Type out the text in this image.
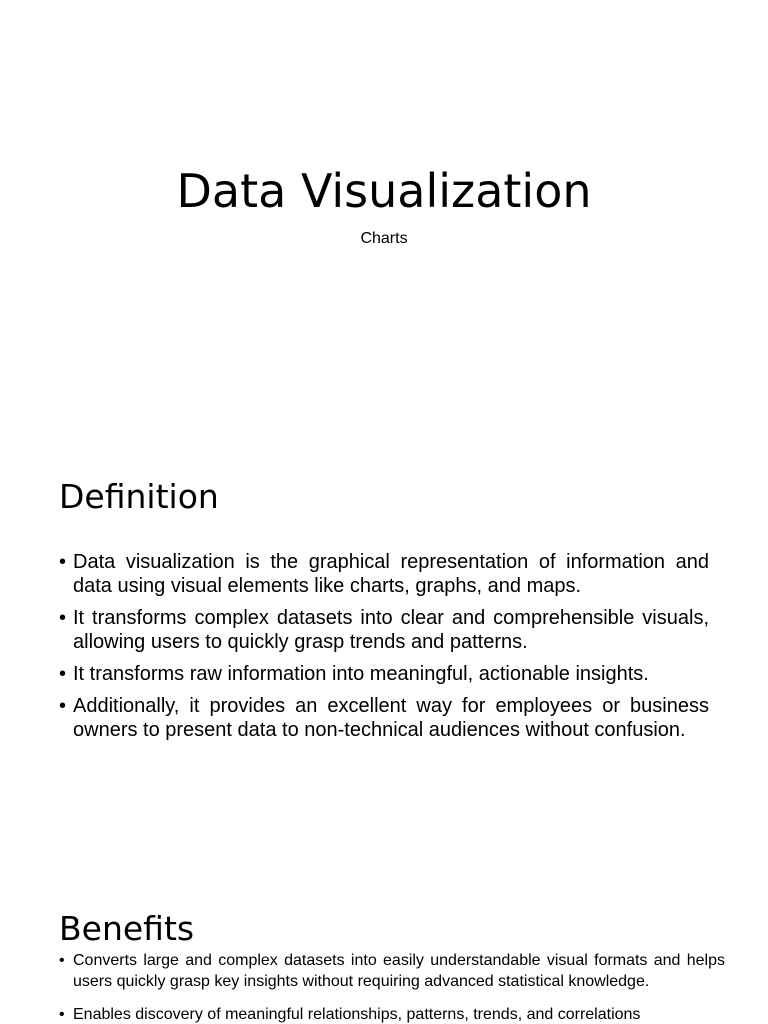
Data Visualization
Charts
Definition
• Data visualization is the graphical representation of information and data using visual elements like charts, graphs, and maps.
• It transforms complex datasets into clear and comprehensible visuals, allowing users to quickly grasp trends and patterns.
• It transforms raw information into meaningful, actionable insights.
• Additionally, it provides an excellent way for employees or business owners to present data to non-technical audiences without confusion.
Benefits
• Converts large and complex datasets into easily understandable visual formats and helps users quickly grasp key insights without requiring advanced statistical knowledge.
• Enables discovery of meaningful relationships, patterns, trends, and correlations
